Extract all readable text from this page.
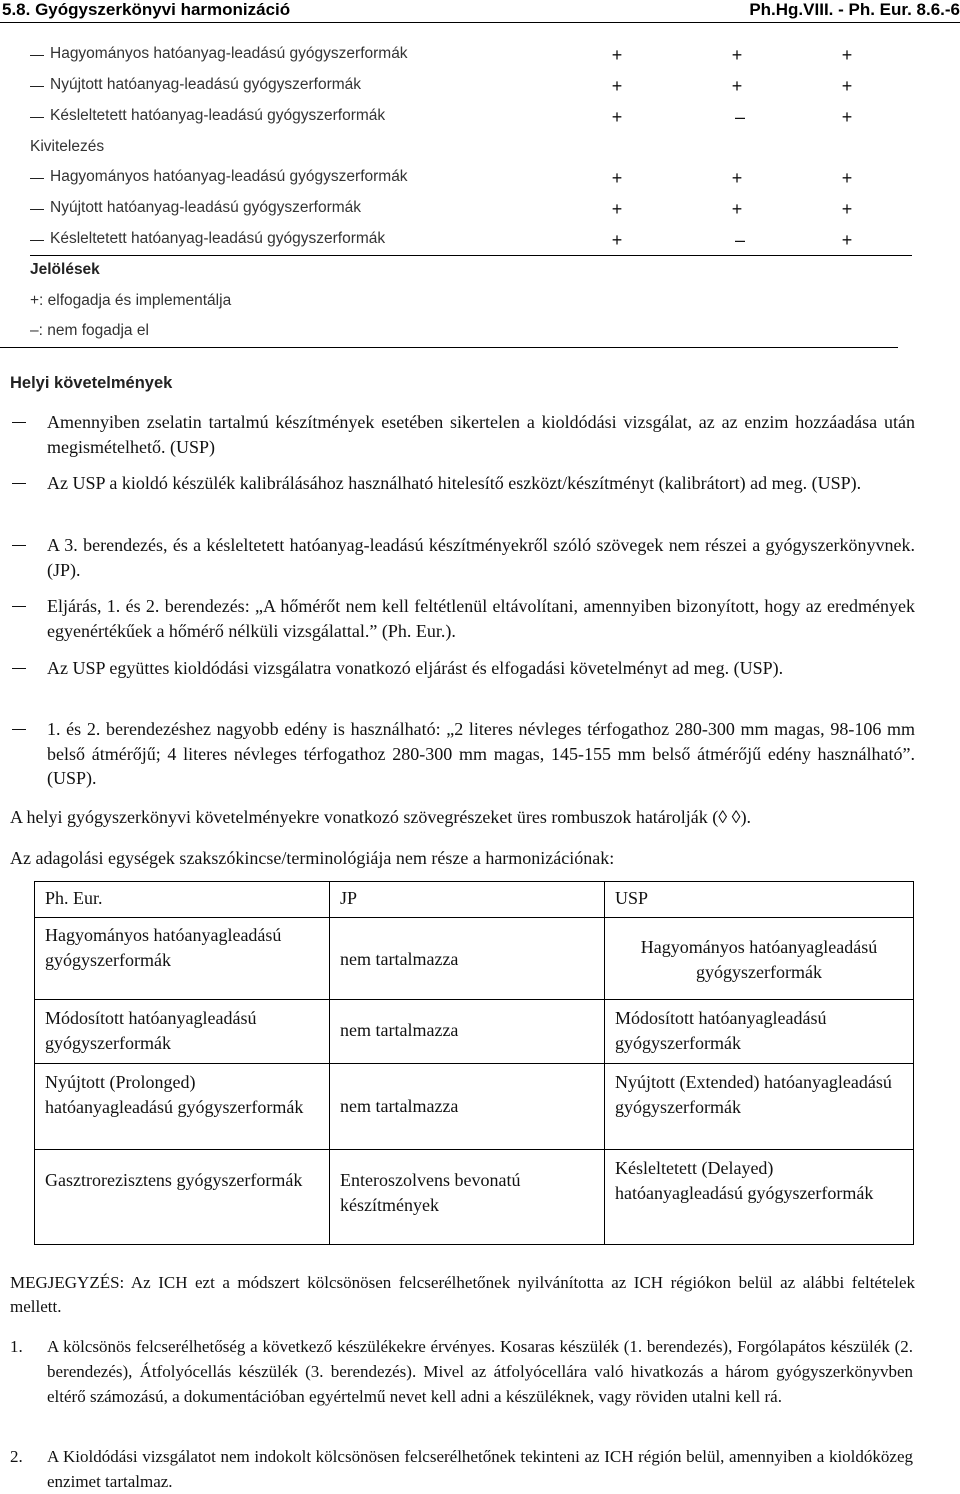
5.8. Gyógyszerkönyvi harmonizáció	Ph.Hg.VIII. - Ph. Eur. 8.6.-6
Hagyományos hatóanyag-leadású gyógyszerformák	+	+	+
Nyújtott hatóanyag-leadású gyógyszerformák	+	+	+
Késleltetett hatóanyag-leadású gyógyszerformák	+	–	+
Kivitelezés
Hagyományos hatóanyag-leadású gyógyszerformák	+	+	+
Nyújtott hatóanyag-leadású gyógyszerformák	+	+	+
Késleltetett hatóanyag-leadású gyógyszerformák	+	–	+
Jelölések
+: elfogadja és implementálja
–: nem fogadja el
Helyi követelmények
Amennyiben zselatin tartalmú készítmények esetében sikertelen a kioldódási vizsgálat, az az enzim hozzáadása után megismételhető. (USP)
Az USP a kioldó készülék kalibrálásához használható hitelesítő eszközt/készítményt (kalibrátort) ad meg. (USP).
A 3. berendezés, és a késleltetett hatóanyag-leadású készítményekről szóló szövegek nem részei a gyógyszerkönyvnek. (JP).
Eljárás, 1. és 2. berendezés: „A hőmérőt nem kell feltétlenül eltávolítani, amennyiben bizonyított, hogy az eredmények egyenértékűek a hőmérő nélküli vizsgálattal.” (Ph. Eur.).
Az USP együttes kioldódási vizsgálatra vonatkozó eljárást és elfogadási követelményt ad meg. (USP).
1. és 2. berendezéshez nagyobb edény is használható: „2 literes névleges térfogathoz 280-300 mm magas, 98-106 mm belső átmérőjű; 4 literes névleges térfogathoz 280-300 mm magas, 145-155 mm belső átmérőjű edény használható”. (USP).
A helyi gyógyszerkönyvi követelményekre vonatkozó szövegrészeket üres rombuszok határolják (◊ ◊).
Az adagolási egységek szakszókincse/terminológiája nem része a harmonizációnak:
Ph. Eur.	JP	USP

Hagyományos hatóanyagleadású gyógyszerformák	nem tartalmazza	Hagyományos hatóanyagleadású gyógyszerformák

Módosított hatóanyagleadású gyógyszerformák	nem tartalmazza	Módosított hatóanyagleadású gyógyszerformák

Nyújtott (Prolonged) hatóanyagleadású gyógyszerformák	nem tartalmazza	Nyújtott (Extended) hatóanyagleadású gyógyszerformák

Gasztrorezisztens gyógyszerformák	Enteroszolvens bevonatú készítmények	Késleltetett (Delayed) hatóanyagleadású gyógyszerformák
MEGJEGYZÉS: Az ICH ezt a módszert kölcsönösen felcserélhetőnek nyilvánította az ICH régiókon belül az alábbi feltételek mellett.
1. A kölcsönös felcserélhetőség a következő készülékekre érvényes. Kosaras készülék (1. berendezés), Forgólapátos készülék (2. berendezés), Átfolyócellás készülék (3. berendezés). Mivel az átfolyócellára való hivatkozás a három gyógyszerkönyvben eltérő számozású, a dokumentációban egyértelmű nevet kell adni a készüléknek, vagy röviden utalni kell rá.
2. A Kioldódási vizsgálatot nem indokolt kölcsönösen felcserélhetőnek tekinteni az ICH régión belül, amennyiben a kioldóközeg enzimet tartalmaz.
